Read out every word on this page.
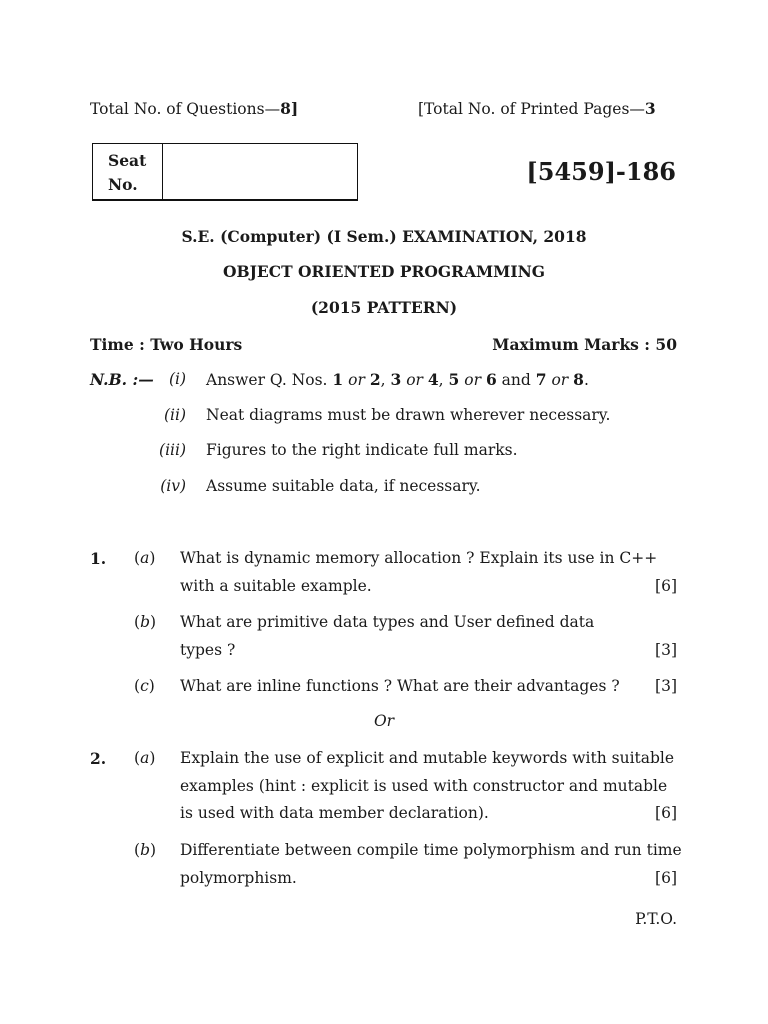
Total No. of Questions—8]	[Total No. of Printed Pages—3
Seat
No.	[5459]-186
S.E. (Computer) (I Sem.) EXAMINATION, 2018
OBJECT ORIENTED PROGRAMMING
(2015 PATTERN)
Time : Two Hours	Maximum Marks : 50
N.B. :— (i) Answer Q. Nos. 1 or 2, 3 or 4, 5 or 6 and 7 or 8.
(ii) Neat diagrams must be drawn wherever necessary.
(iii) Figures to the right indicate full marks.
(iv) Assume suitable data, if necessary.
1. (a) What is dynamic memory allocation ? Explain its use in C++
with a suitable example.	[6]
(b) What are primitive data types and User defined data
types ?	[3]
(c) What are inline functions ? What are their advantages ?	[3]
Or
2. (a) Explain the use of explicit and mutable keywords with suitable
examples (hint : explicit is used with constructor and mutable
is used with data member declaration).	[6]
(b) Differentiate between compile time polymorphism and run time
polymorphism.	[6]
P.T.O.
